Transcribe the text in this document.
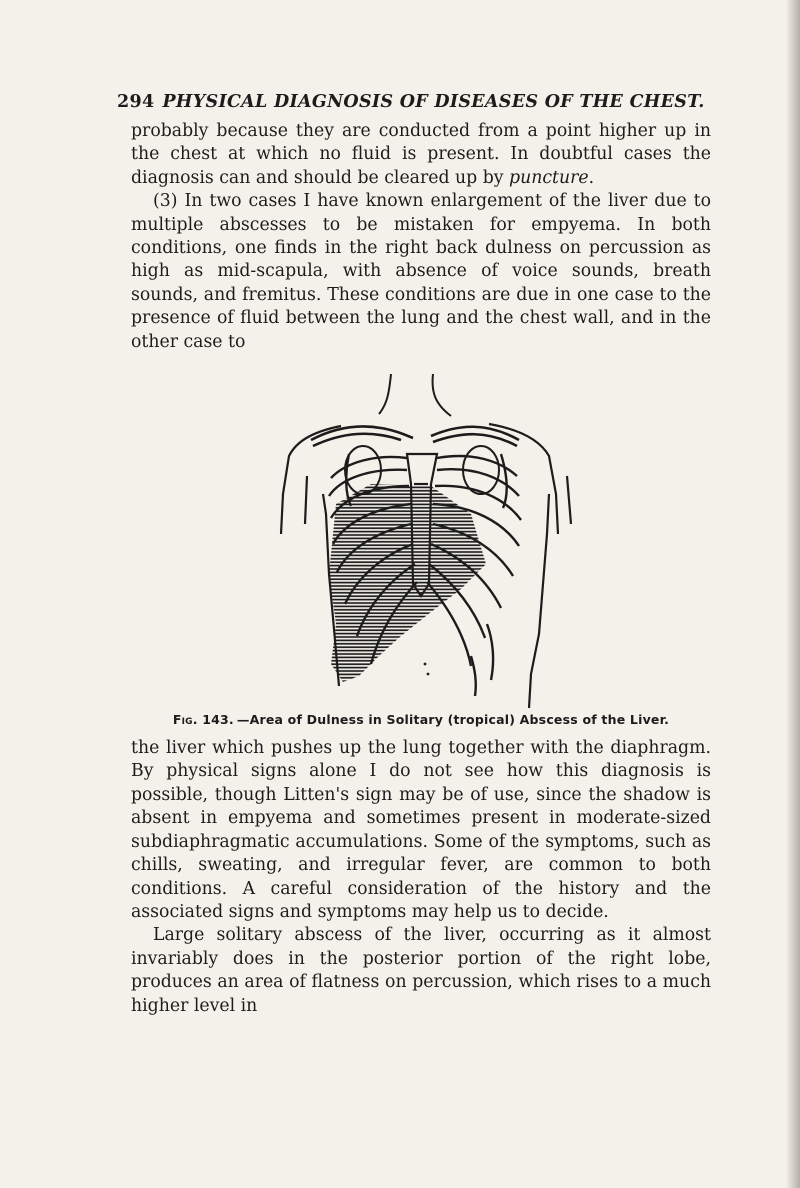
294 PHYSICAL DIAGNOSIS OF DISEASES OF THE CHEST.

probably because they are conducted from a point higher up in the chest at which no fluid is present. In doubtful cases the diagnosis can and should be cleared up by puncture.

(3) In two cases I have known enlargement of the liver due to multiple abscesses to be mistaken for empyema. In both conditions, one finds in the right back dulness on percussion as high as mid-scapula, with absence of voice sounds, breath sounds, and fremitus. These conditions are due in one case to the presence of fluid between the lung and the chest wall, and in the other case to

Fig. 143. —Area of Dulness in Solitary (tropical) Abscess of the Liver.

the liver which pushes up the lung together with the diaphragm. By physical signs alone I do not see how this diagnosis is possible, though Litten's sign may be of use, since the shadow is absent in empyema and sometimes present in moderate-sized subdiaphragmatic accumulations. Some of the symptoms, such as chills, sweating, and irregular fever, are common to both conditions. A careful consideration of the history and the associated signs and symptoms may help us to decide.

Large solitary abscess of the liver, occurring as it almost invariably does in the posterior portion of the right lobe, produces an area of flatness on percussion, which rises to a much higher level in
